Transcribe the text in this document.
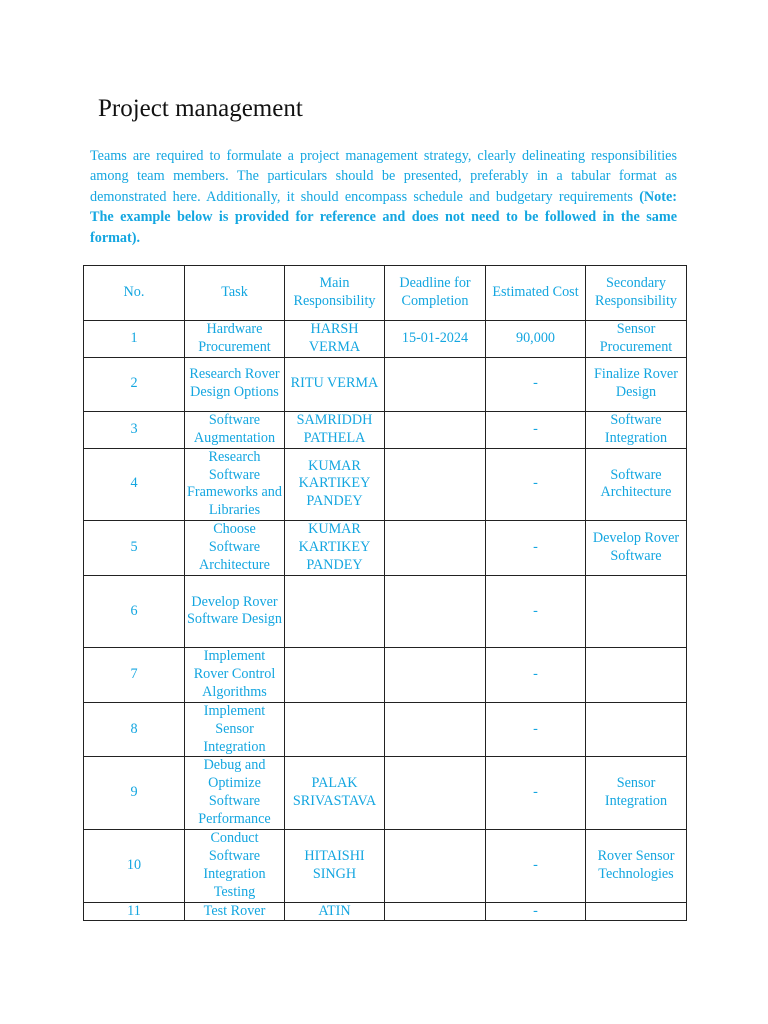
Project management

Teams are required to formulate a project management strategy, clearly delineating responsibilities among team members. The particulars should be presented, preferably in a tabular format as demonstrated here. Additionally, it should encompass schedule and budgetary requirements (Note: The example below is provided for reference and does not need to be followed in the same format).

No.	Task	Main Responsibility	Deadline for Completion	Estimated Cost	Secondary Responsibility
1	Hardware Procurement	HARSH VERMA	15-01-2024	90,000	Sensor Procurement
2	Research Rover Design Options	RITU VERMA		-	Finalize Rover Design
3	Software Augmentation	SAMRIDDH PATHELA		-	Software Integration
4	Research Software Frameworks and Libraries	KUMAR KARTIKEY PANDEY		-	Software Architecture
5	Choose Software Architecture	KUMAR KARTIKEY PANDEY		-	Develop Rover Software
6	Develop Rover Software Design			-	
7	Implement Rover Control Algorithms			-	
8	Implement Sensor Integration			-	
9	Debug and Optimize Software Performance	PALAK SRIVASTAVA		-	Sensor Integration
10	Conduct Software Integration Testing	HITAISHI SINGH		-	Rover Sensor Technologies
11	Test Rover	ATIN		-	
